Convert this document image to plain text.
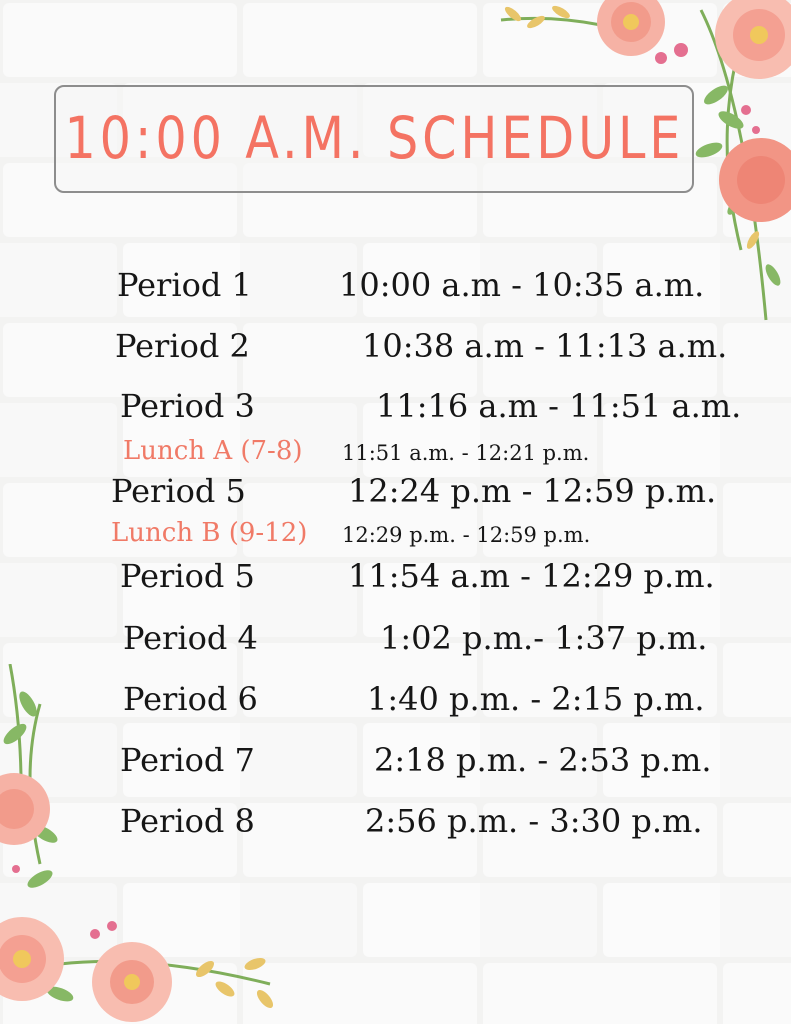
10:00 A.M. SCHEDULE
Period 1	10:00 a.m - 10:35 a.m.
Period 2	10:38 a.m - 11:13 a.m.
Period 3	11:16 a.m - 11:51 a.m.
Lunch A (7-8) 11:51 a.m. - 12:21 p.m.
Period 5	12:24 p.m - 12:59 p.m.
Lunch B (9-12) 12:29 p.m. - 12:59 p.m.
Period 5	11:54 a.m - 12:29 p.m.
Period 4	1:02 p.m.- 1:37 p.m.
Period 6	1:40 p.m. - 2:15 p.m.
Period 7	2:18 p.m. - 2:53 p.m.
Period 8	2:56 p.m. - 3:30 p.m.
